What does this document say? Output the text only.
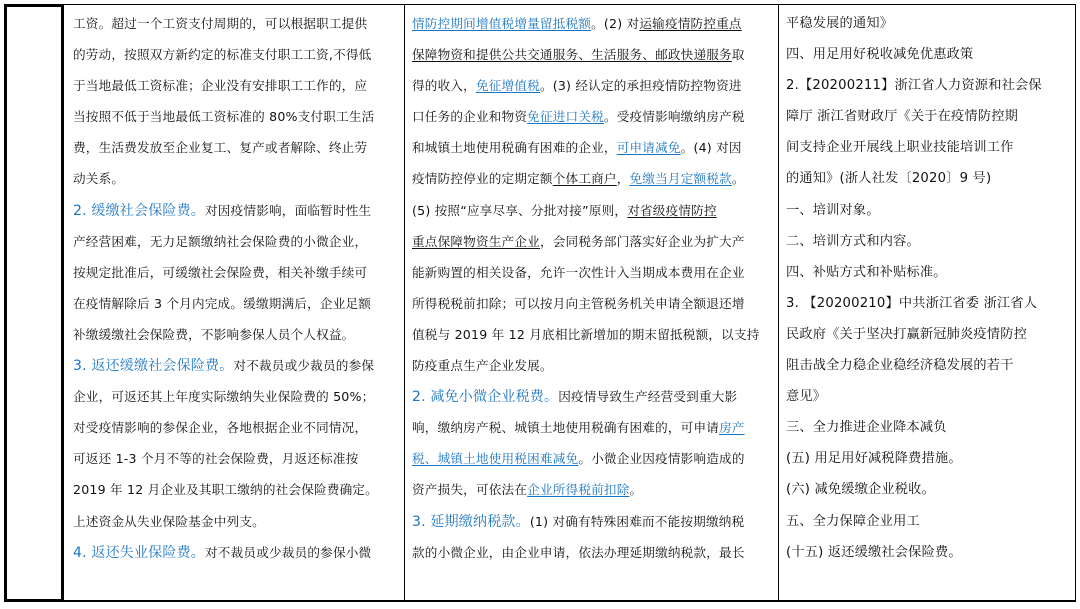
工资。超过一个工资支付周期的，可以根据职工提供
的劳动，按照双方新约定的标准支付职工工资,不得低
于当地最低工资标准；企业没有安排职工工作的，应
当按照不低于当地最低工资标准的 80%支付职工生活
费，生活费发放至企业复工、复产或者解除、终止劳
动关系。
2. 缓缴社会保险费。对因疫情影响，面临暂时性生
产经营困难，无力足额缴纳社会保险费的小微企业，
按规定批准后，可缓缴社会保险费，相关补缴手续可
在疫情解除后 3 个月内完成。缓缴期满后，企业足额
补缴缓缴社会保险费，不影响参保人员个人权益。
3. 返还缓缴社会保险费。对不裁员或少裁员的参保
企业，可返还其上年度实际缴纳失业保险费的 50%；
对受疫情影响的参保企业，各地根据企业不同情况，
可返还 1-3 个月不等的社会保险费，月返还标准按
2019 年 12 月企业及其职工缴纳的社会保险费确定。
上述资金从失业保险基金中列支。
4. 返还失业保险费。对不裁员或少裁员的参保小微
情防控期间增值税增量留抵税额。(2) 对运输疫情防控重点
保障物资和提供公共交通服务、生活服务、邮政快递服务取
得的收入，免征增值税。(3) 经认定的承担疫情防控物资进
口任务的企业和物资免征进口关税。受疫情影响缴纳房产税
和城镇土地使用税确有困难的企业，可申请减免。(4) 对因
疫情防控停业的定期定额个体工商户，免缴当月定额税款。
(5) 按照“应享尽享、分批对接”原则，对省级疫情防控
重点保障物资生产企业，会同税务部门落实好企业为扩大产
能新购置的相关设备，允许一次性计入当期成本费用在企业
所得税税前扣除；可以按月向主管税务机关申请全额退还增
值税与 2019 年 12 月底相比新增加的期末留抵税额，以支持
防疫重点生产企业发展。
2. 减免小微企业税费。因疫情导致生产经营受到重大影
响，缴纳房产税、城镇土地使用税确有困难的，可申请房产
税、城镇土地使用税困难减免。小微企业因疫情影响造成的
资产损失，可依法在企业所得税前扣除。
3. 延期缴纳税款。(1) 对确有特殊困难而不能按期缴纳税
款的小微企业，由企业申请，依法办理延期缴纳税款，最长
平稳发展的通知》
四、用足用好税收减免优惠政策
2.【20200211】浙江省人力资源和社会保
障厅 浙江省财政厅《关于在疫情防控期
间支持企业开展线上职业技能培训工作
的通知》(浙人社发〔2020〕9 号)
一、培训对象。
二、培训方式和内容。
四、补贴方式和补贴标准。
3. 【20200210】中共浙江省委 浙江省人
民政府《关于坚决打赢新冠肺炎疫情防控
阻击战全力稳企业稳经济稳发展的若干
意见》
三、全力推进企业降本减负
(五) 用足用好减税降费措施。
(六) 减免缓缴企业税收。
五、全力保障企业用工
(十五) 返还缓缴社会保险费。
